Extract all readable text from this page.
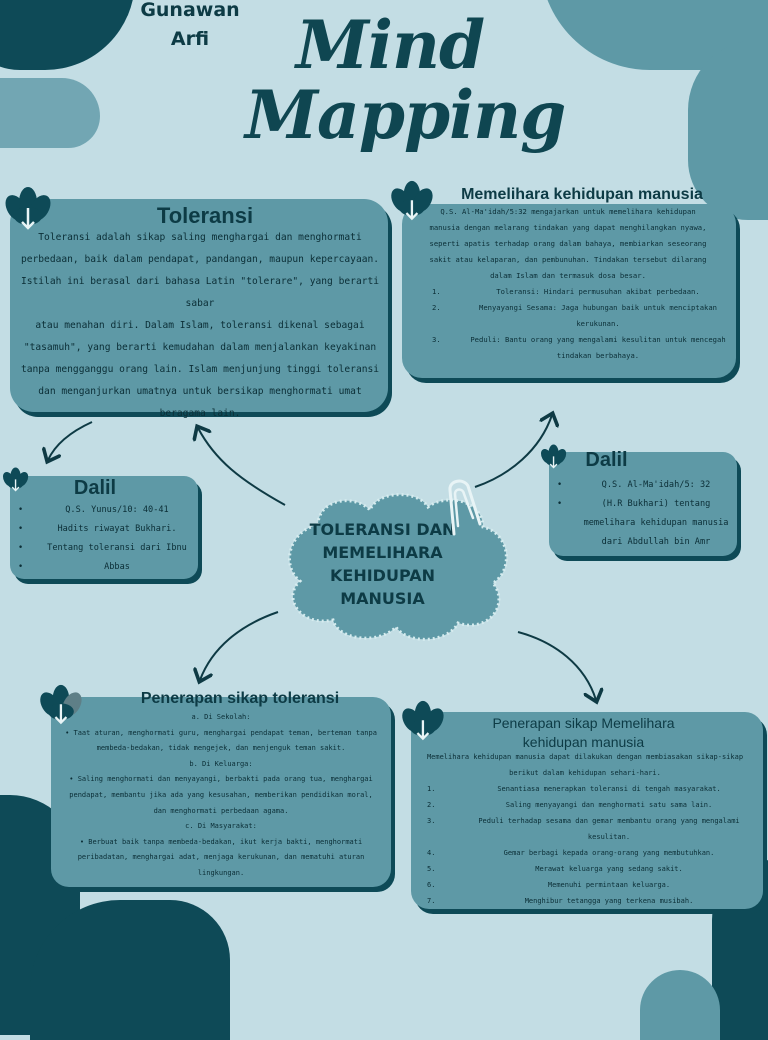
Gunawan
Arfi	Mind
Mapping
Toleransi
Toleransi adalah sikap saling menghargai dan menghormati
perbedaan, baik dalam pendapat, pandangan, maupun kepercayaan.
Istilah ini berasal dari bahasa Latin "tolerare", yang berarti sabar
atau menahan diri. Dalam Islam, toleransi dikenal sebagai
"tasamuh", yang berarti kemudahan dalam menjalankan keyakinan
tanpa mengganggu orang lain. Islam menjunjung tinggi toleransi
dan menganjurkan umatnya untuk bersikap menghormati umat
beragama lain.
Q.S. Al-Ma'idah/5:32 mengajarkan untuk memelihara kehidupan
manusia dengan melarang tindakan yang dapat menghilangkan nyawa,
seperti apatis terhadap orang dalam bahaya, membiarkan seseorang
sakit atau kelaparan, dan pembunuhan. Tindakan tersebut dilarang
dalam Islam dan termasuk dosa besar.
1.	Toleransi: Hindari permusuhan akibat perbedaan.
2.	Menyayangi Sesama: Jaga hubungan baik untuk menciptakan
kerukunan.
3.	Peduli: Bantu orang yang mengalami kesulitan untuk mencegah
tindakan berbahaya.
Memelihara kehidupan manusia
Dalil
•	Q.S. Yunus/10: 40-41
•	Hadits riwayat Bukhari.
•	Tentang toleransi dari Ibnu
•	Abbas
Dalil
•	Q.S. Al-Ma'idah/5: 32
•	(H.R Bukhari) tentang
memelihara kehidupan manusia
dari Abdullah bin Amr
TOLERANSI DAN
MEMELIHARA
KEHIDUPAN
MANUSIA
a. Di Sekolah:
• Taat aturan, menghormati guru, menghargai pendapat teman, berteman tanpa
membeda-bedakan, tidak mengejek, dan menjenguk teman sakit.
b. Di Keluarga:
• Saling menghormati dan menyayangi, berbakti pada orang tua, menghargai
pendapat, membantu jika ada yang kesusahan, memberikan pendidikan moral,
dan menghormati perbedaan agama.
c. Di Masyarakat:
• Berbuat baik tanpa membeda-bedakan, ikut kerja bakti, menghormati
peribadatan, menghargai adat, menjaga kerukunan, dan mematuhi aturan
lingkungan.
Penerapan sikap toleransi
Penerapan sikap Memelihara
kehidupan manusia
Memelihara kehidupan manusia dapat dilakukan dengan membiasakan sikap-sikap
berikut dalam kehidupan sehari-hari.
1.	Senantiasa menerapkan toleransi di tengah masyarakat.
2.	Saling menyayangi dan menghormati satu sama lain.
3.	Peduli terhadap sesama dan gemar membantu orang yang mengalami kesulitan.
4.	Gemar berbagi kepada orang-orang yang membutuhkan.
5.	Merawat keluarga yang sedang sakit.
6.	Memenuhi permintaan keluarga.
7.	Menghibur tetangga yang terkena musibah.
